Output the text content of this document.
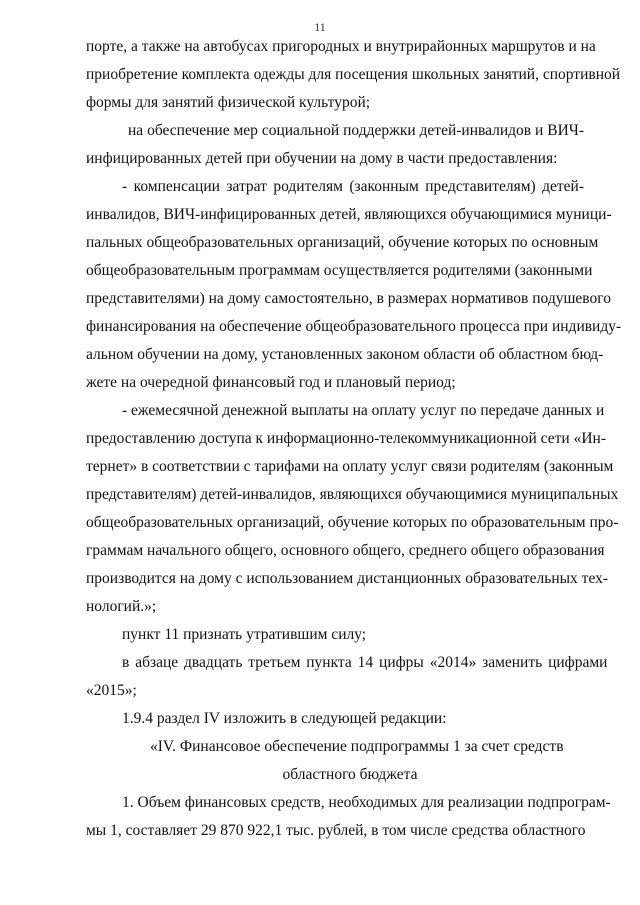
11
порте, а также на автобусах пригородных и внутрирайонных маршрутов и на
приобретение комплекта одежды для посещения школьных занятий, спортивной
формы для занятий физической культурой;
на обеспечение мер социальной поддержки детей-инвалидов и ВИЧ-
инфицированных детей при обучении на дому в части предоставления:
- компенсации затрат родителям (законным представителям) детей-
инвалидов, ВИЧ-инфицированных детей, являющихся обучающимися муници-
пальных общеобразовательных организаций, обучение которых по основным
общеобразовательным программам осуществляется родителями (законными
представителями) на дому самостоятельно, в размерах нормативов подушевого
финансирования на обеспечение общеобразовательного процесса при индивиду-
альном обучении на дому, установленных законом области об областном бюд-
жете на очередной финансовый год и плановый период;
- ежемесячной денежной выплаты на оплату услуг по передаче данных и
предоставлению доступа к информационно-телекоммуникационной сети «Ин-
тернет» в соответствии с тарифами на оплату услуг связи родителям (законным
представителям) детей-инвалидов, являющихся обучающимися муниципальных
общеобразовательных организаций, обучение которых по образовательным про-
граммам начального общего, основного общего, среднего общего образования
производится на дому с использованием дистанционных образовательных тех-
нологий.»;
пункт 11 признать утратившим силу;
в абзаце двадцать третьем пункта 14 цифры «2014» заменить цифрами
«2015»;
1.9.4 раздел IV изложить в следующей редакции:
«IV. Финансовое обеспечение подпрограммы 1 за счет средств
областного бюджета
1. Объем финансовых средств, необходимых для реализации подпрограм-
мы 1, составляет 29 870 922,1 тыс. рублей, в том числе средства областного
